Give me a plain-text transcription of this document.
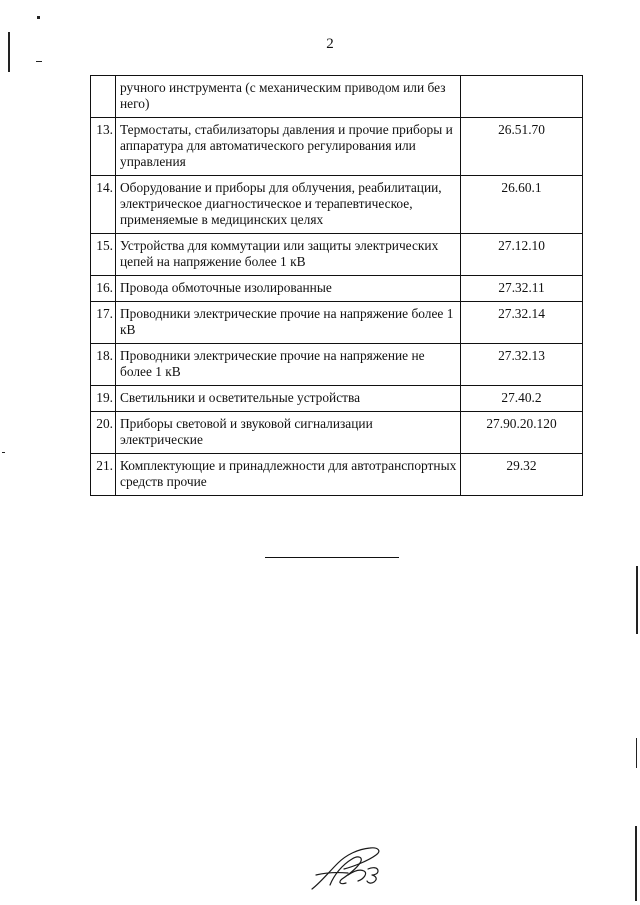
2
	ручного инструмента (с механическим приводом или без него)	
13.	Термостаты, стабилизаторы давления и прочие приборы и аппаратура для автоматического регулирования или управления	26.51.70
14.	Оборудование и приборы для облучения, реабилитации, электрическое диагностическое и терапевтическое, применяемые в медицинских целях	26.60.1
15.	Устройства для коммутации или защиты электрических цепей на напряжение более 1 кВ	27.12.10
16.	Провода обмоточные изолированные	27.32.11
17.	Проводники электрические прочие на напряжение более 1 кВ	27.32.14
18.	Проводники электрические прочие на напряжение не более 1 кВ	27.32.13
19.	Светильники и осветительные устройства	27.40.2
20.	Приборы световой и звуковой сигнализации электрические	27.90.20.120
21.	Комплектующие и принадлежности для автотранспортных средств прочие	29.32
